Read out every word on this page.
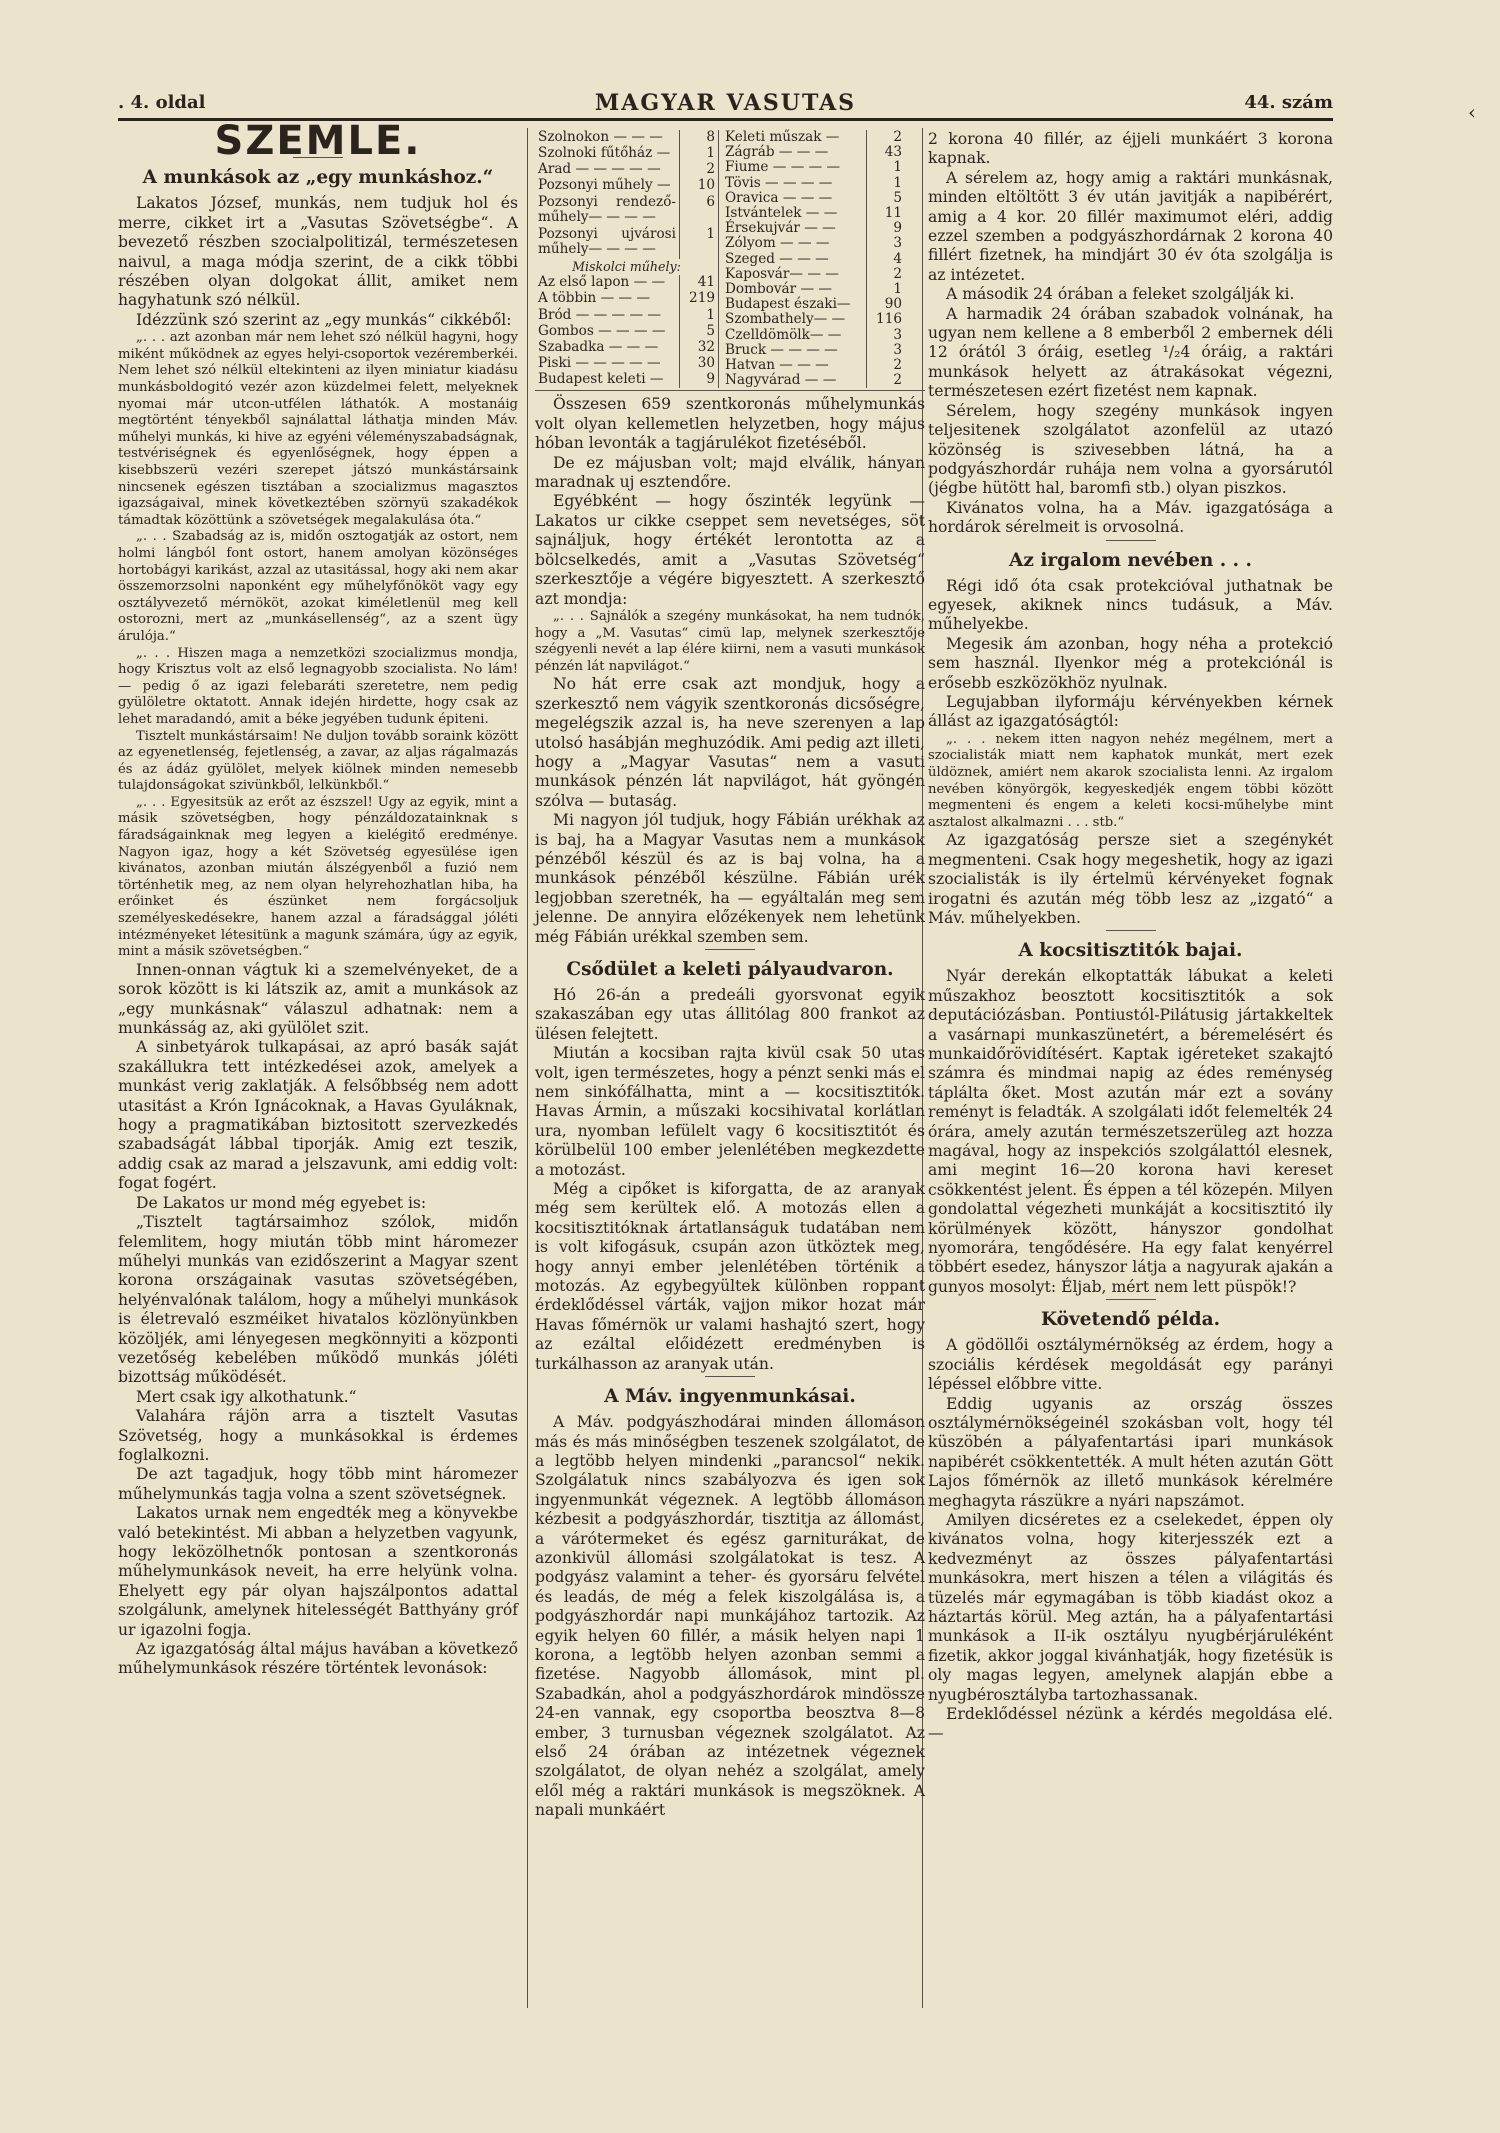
. 4. oldal	MAGYAR VASUTAS	44. szám
SZEMLE.
A munkások az „egy munkáshoz.“

Lakatos József, munkás, nem tudjuk hol és merre, cikket irt a „Vasutas Szövetségbe“. A bevezető részben szocialpolitizál, természetesen naivul, a maga módja szerint, de a cikk többi részében olyan dolgokat állit, amiket nem hagyhatunk szó nélkül.

Idézzünk szó szerint az „egy munkás“ cikkéből:

„. . . azt azonban már nem lehet szó nélkül hagyni, hogy miként működnek az egyes helyi-csoportok vezéremberkéi. Nem lehet szó nélkül eltekinteni az ilyen miniatur kiadásu munkásboldogitó vezér azon küzdelmei felett, melyeknek nyomai már utcon-utfélen láthatók. A mostanáig megtörtént tényekből sajnálattal láthatja minden Máv. műhelyi munkás, ki hive az egyéni véleményszabadságnak, testvériségnek és egyenlőségnek, hogy éppen a kisebbszerü vezéri szerepet játszó munkástársaink nincsenek egészen tisztában a szocializmus magasztos igazságaival, minek következtében szörnyü szakadékok támadtak közöttünk a szövetségek megalakulása óta.“

„. . . Szabadság az is, midőn osztogatják az ostort, nem holmi lángból font ostort, hanem amolyan közönséges hortobágyi karikást, azzal az utasitással, hogy aki nem akar összemorzsolni naponként egy műhelyfőnököt vagy egy osztályvezető mérnököt, azokat kiméletlenül meg kell ostorozni, mert az „munkásellenség“, az a szent ügy árulója.“

„. . . Hiszen maga a nemzetközi szocializmus mondja, hogy Krisztus volt az első legnagyobb szocialista. No lám! — pedig ő az igazi felebaráti szeretetre, nem pedig gyülöletre oktatott. Annak idején hirdette, hogy csak az lehet maradandó, amit a béke jegyében tudunk épiteni.

Tisztelt munkástársaim! Ne duljon tovább soraink között az egyenetlenség, fejetlenség, a zavar, az aljas rágalmazás és az ádáz gyülölet, melyek kiölnek minden nemesebb tulajdonságokat szivünkből, lelkünkből.“

„. . . Egyesitsük az erőt az észszel! Ugy az egyik, mint a másik szövetségben, hogy pénzáldozatainknak s fáradságainknak meg legyen a kielégitő eredménye. Nagyon igaz, hogy a két Szövetség egyesülése igen kivánatos, azonban miután álszégyenből a fuzió nem történhetik meg, az nem olyan helyrehozhatlan hiba, ha erőinket és észünket nem forgácsoljuk személyeskedésekre, hanem azzal a fáradsággal jóléti intézményeket létesitünk a magunk számára, úgy az egyik, mint a másik szövetségben.“

Innen-onnan vágtuk ki a szemelvényeket, de a sorok között is ki látszik az, amit a munkások az „egy munkásnak“ válaszul adhatnak: nem a munkásság az, aki gyülölet szit.

A sinbetyárok tulkapásai, az apró basák saját szakállukra tett intézkedései azok, amelyek a munkást verig zaklatják. A felsőbbség nem adott utasitást a Krón Ignácoknak, a Havas Gyuláknak, hogy a pragmatikában biztositott szervezkedés szabadságát lábbal tiporják. Amig ezt teszik, addig csak az marad a jelszavunk, ami eddig volt: fogat fogért.

De Lakatos ur mond még egyebet is:

„Tisztelt tagtársaimhoz szólok, midőn felemlitem, hogy miután több mint háromezer műhelyi munkás van ezidőszerint a Magyar szent korona országainak vasutas szövetségében, helyénvalónak találom, hogy a műhelyi munkások is életrevaló eszméiket hivatalos közlönyünkben közöljék, ami lényegesen megkönnyiti a központi vezetőség kebelében működő munkás jóléti bizottság működését.

Mert csak igy alkothatunk.“

Valahára rájön arra a tisztelt Vasutas Szövetség, hogy a munkásokkal is érdemes foglalkozni.

De azt tagadjuk, hogy több mint háromezer műhelymunkás tagja volna a szent szövetségnek.

Lakatos urnak nem engedték meg a könyvekbe való betekintést. Mi abban a helyzetben vagyunk, hogy leközölhetnők pontosan a szentkoronás műhelymunkások neveit, ha erre helyünk volna. Ehelyett egy pár olyan hajszálpontos adattal szolgálunk, amelynek hitelességét Batthyány gróf ur igazolni fogja.

Az igazgatóság által május havában a következő műhelymunkások részére történtek levonások:

Szolnokon — — —	8
Szolnoki fűtőház —	1
Arad — — — — —	2
Pozsonyi műhely —	10
Pozsonyi rendező-műhely— — — —	6
Pozsonyi ujvárosi műhely— — — —	1
Miskolci műhely:	
Az első lapon — —	41
A többin — — —	219
Bród — — — — —	1
Gombos — — — —	5
Szabadka — — —	32
Piski — — — — —	30
Budapest keleti —	9
Keleti műszak —	2
Zágráb — — —	43
Fiume — — — —	1
Tövis — — — —	1
Oravica — — —	5
Istvántelek — —	11
Érsekujvár — —	9
Zólyom — — —	3
Szeged — — —	4
Kaposvár— — —	2
Dombovár — —	1
Budapest északi—	90
Szombathely— —	116
Czelldömölk— —	3
Bruck — — — —	3
Hatvan — — —	2
Nagyvárad — —	2

Összesen 659 szentkoronás műhelymunkás volt olyan kellemetlen helyzetben, hogy május hóban levonták a tagjárulékot fizetéséből.

De ez májusban volt; majd elválik, hányan maradnak uj esztendőre.

Egyébként — hogy őszinték legyünk — Lakatos ur cikke cseppet sem nevetséges, söt sajnáljuk, hogy értékét lerontotta az a bölcselkedés, amit a „Vasutas Szövetség“ szerkesztője a végére bigyesztett. A szerkesztő azt mondja:

„. . . Sajnálók a szegény munkásokat, ha nem tudnók, hogy a „M. Vasutas“ cimü lap, melynek szerkesztője szégyenli nevét a lap élére kiirni, nem a vasuti munkások pénzén lát napvilágot.“

No hát erre csak azt mondjuk, hogy a szerkesztő nem vágyik szentkoronás dicsőségre, megelégszik azzal is, ha neve szerenyen a lap utolsó hasábján meghuzódik. Ami pedig azt illeti, hogy a „Magyar Vasutas“ nem a vasuti munkások pénzén lát napvilágot, hát gyöngén szólva — butaság.

Mi nagyon jól tudjuk, hogy Fábián urékhak az is baj, ha a Magyar Vasutas nem a munkások pénzéből készül és az is baj volna, ha a munkások pénzéből készülne. Fábián urék legjobban szeretnék, ha — egyáltalán meg sem jelenne. De annyira előzékenyek nem lehetünk még Fábián urékkal szemben sem.

Csődület a keleti pályaudvaron.

Hó 26-án a predeáli gyorsvonat egyik szakaszában egy utas állitólag 800 frankot az ülésen felejtett.

Miután a kocsiban rajta kivül csak 50 utas volt, igen természetes, hogy a pénzt senki más el nem sinkófálhatta, mint a — kocsitisztitók. Havas Ármin, a műszaki kocsihivatal korlátlan ura, nyomban lefülelt vagy 6 kocsitisztitót és körülbelül 100 ember jelenlétében megkezdette a motozást.

Még a cipőket is kiforgatta, de az aranyak még sem kerültek elő. A motozás ellen a kocsitisztitóknak ártatlanságuk tudatában nem is volt kifogásuk, csupán azon ütköztek meg, hogy annyi ember jelenlétében történik a motozás. Az egybegyültek különben roppant érdeklődéssel várták, vajjon mikor hozat már Havas főmérnök ur valami hashajtó szert, hogy az ezáltal előidézett eredményben is turkálhasson az aranyak után.

A Máv. ingyenmunkásai.

A Máv. podgyászhodárai minden állomáson más és más minőségben teszenek szolgálatot, de a legtöbb helyen mindenki „parancsol“ nekik. Szolgálatuk nincs szabályozva és igen sok ingyenmunkát végeznek. A legtöbb állomáson kézbesit a podgyászhordár, tisztitja az állomást, a várótermeket és egész garniturákat, de azonkivül állomási szolgálatokat is tesz. A podgyász valamint a teher- és gyorsáru felvétel és leadás, de még a felek kiszolgálása is, a podgyászhordár napi munkájához tartozik. Az egyik helyen 60 fillér, a másik helyen napi 1 korona, a legtöbb helyen azonban semmi a fizetése. Nagyobb állomások, mint pl. Szabadkán, ahol a podgyászhordárok mindössze 24-en vannak, egy csoportba beosztva 8—8 ember, 3 turnusban végeznek szolgálatot. Az első 24 órában az intézetnek végeznek szolgálatot, de olyan nehéz a szolgálat, amely elől még a raktári munkások is megszöknek. A napali munkáért

2 korona 40 fillér, az éjjeli munkáért 3 korona kapnak.

A sérelem az, hogy amig a raktári munkásnak, minden eltöltött 3 év után javitják a napibérért, amig a 4 kor. 20 fillér maximumot eléri, addig ezzel szemben a podgyászhordárnak 2 korona 40 fillért fizetnek, ha mindjárt 30 év óta szolgálja is az intézetet.

A második 24 órában a feleket szolgálják ki.

A harmadik 24 órában szabadok volnának, ha ugyan nem kellene a 8 emberből 2 embernek déli 12 órától 3 óráig, esetleg ¹/₂4 óráig, a raktári munkások helyett az átrakásokat végezni, természetesen ezért fizetést nem kapnak.

Sérelem, hogy szegény munkások ingyen teljesitenek szolgálatot azonfelül az utazó közönség is szivesebben látná, ha a podgyászhordár ruhája nem volna a gyorsárutól (jégbe hütött hal, baromfi stb.) olyan piszkos.

Kivánatos volna, ha a Máv. igazgatósága a hordárok sérelmeit is orvosolná.

Az irgalom nevében . . .

Régi idő óta csak protekcióval juthatnak be egyesek, akiknek nincs tudásuk, a Máv. műhelyekbe.

Megesik ám azonban, hogy néha a protekció sem használ. Ilyenkor még a protekciónál is erősebb eszközökhöz nyulnak.

Legujabban ilyformáju kérvényekben kérnek állást az igazgatóságtól:

„. . . nekem itten nagyon nehéz megélnem, mert a szocialisták miatt nem kaphatok munkát, mert ezek üldöznek, amiért nem akarok szocialista lenni. Az irgalom nevében könyörgök, kegyeskedjék engem többi között megmenteni és engem a keleti kocsi-műhelybe mint asztalost alkalmazni . . . stb.“

Az igazgatóság persze siet a szegénykét megmenteni. Csak hogy megeshetik, hogy az igazi szocialisták is ily értelmü kérvényeket fognak irogatni és azután még több lesz az „izgató“ a Máv. műhelyekben.

A kocsitisztitók bajai.

Nyár derekán elkoptatták lábukat a keleti műszakhoz beosztott kocsitisztitók a sok deputációzásban. Pontiustól-Pilátusig jártakkeltek a vasárnapi munkaszünetért, a béremelésért és munkaidőrövidítésért. Kaptak igéreteket szakajtó számra és mindmai napig az édes reménység táplálta őket. Most azután már ezt a sovány reményt is feladták. A szolgálati időt felemelték 24 órára, amely azután természetszerüleg azt hozza magával, hogy az inspekciós szolgálattól elesnek, ami megint 16—20 korona havi kereset csökkentést jelent. És éppen a tél közepén. Milyen gondolattal végezheti munkáját a kocsitisztitó ily körülmények között, hányszor gondolhat nyomorára, tengődésére. Ha egy falat kenyérrel többért esedez, hányszor látja a nagyurak ajakán a gunyos mosolyt: Éljab, mért nem lett püspök!?

Követendő példa.

A gödöllői osztálymérnökség az érdem, hogy a szociális kérdések megoldását egy parányi lépéssel előbbre vitte.

Eddig ugyanis az ország összes osztálymérnökségeinél szokásban volt, hogy tél küszöbén a pályafentartási ipari munkások napibérét csökkentették. A mult héten azután Gött Lajos főmérnök az illető munkások kérelmére meghagyta rászükre a nyári napszámot.

Amilyen dicséretes ez a cselekedet, éppen oly kivánatos volna, hogy kiterjesszék ezt a kedvezményt az összes pályafentartási munkásokra, mert hiszen a télen a világitás és tüzelés már egymagában is több kiadást okoz a háztartás körül. Meg aztán, ha a pályafentartási munkások a II-ik osztályu nyugbérjáruléként fizetik, akkor joggal kivánhatják, hogy fizetésük is oly magas legyen, amelynek alapján ebbe a nyugbérosztályba tartozhassanak.

Erdeklődéssel nézünk a kérdés megoldása elé. —

‹
